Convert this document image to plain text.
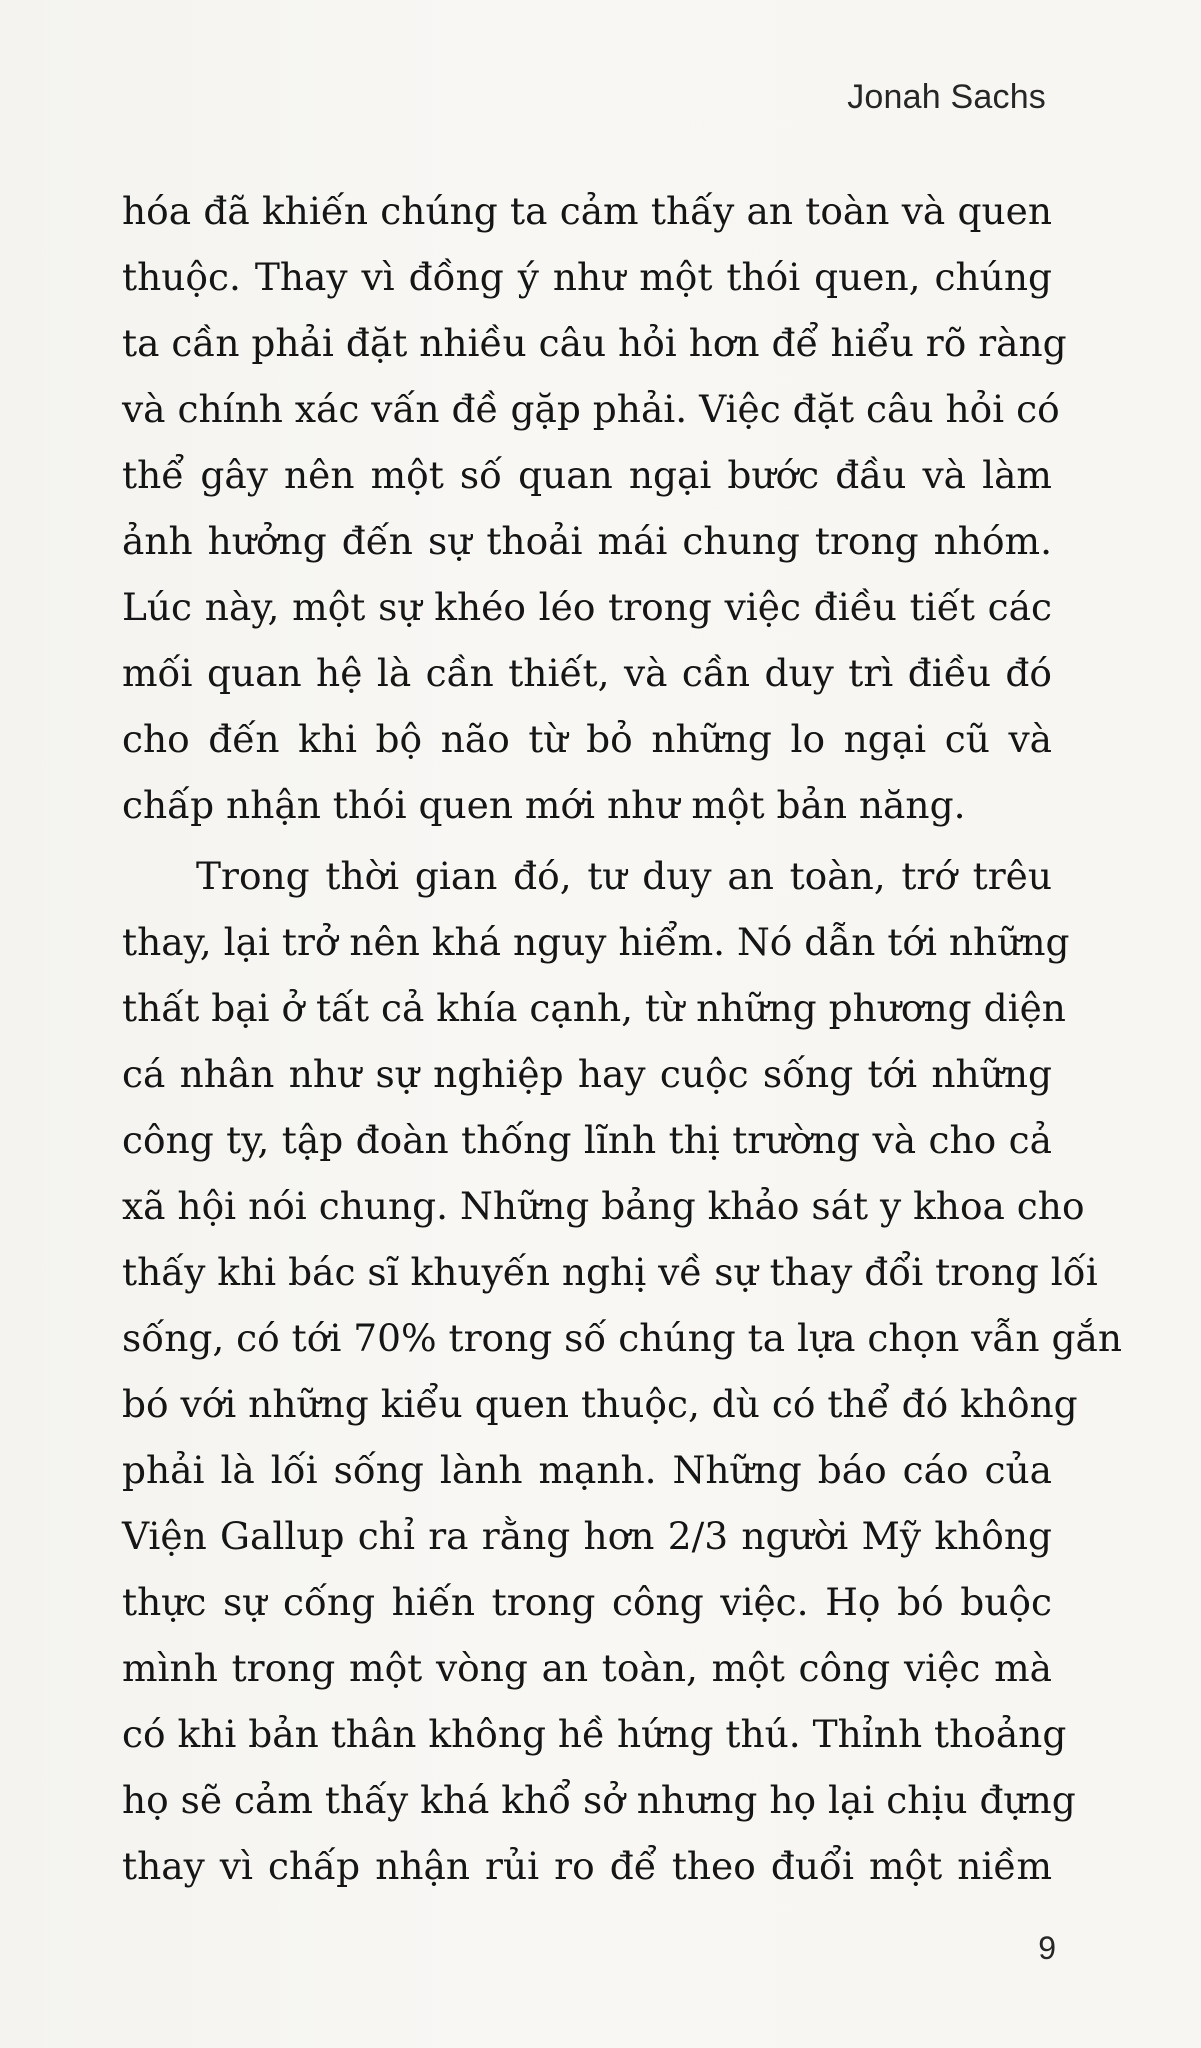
Jonah Sachs
hóa đã khiến chúng ta cảm thấy an toàn và quen
thuộc. Thay vì đồng ý như một thói quen, chúng
ta cần phải đặt nhiều câu hỏi hơn để hiểu rõ ràng
và chính xác vấn đề gặp phải. Việc đặt câu hỏi có
thể gây nên một số quan ngại bước đầu và làm
ảnh hưởng đến sự thoải mái chung trong nhóm.
Lúc này, một sự khéo léo trong việc điều tiết các
mối quan hệ là cần thiết, và cần duy trì điều đó
cho đến khi bộ não từ bỏ những lo ngại cũ và
chấp nhận thói quen mới như một bản năng.
Trong thời gian đó, tư duy an toàn, trớ trêu
thay, lại trở nên khá nguy hiểm. Nó dẫn tới những
thất bại ở tất cả khía cạnh, từ những phương diện
cá nhân như sự nghiệp hay cuộc sống tới những
công ty, tập đoàn thống lĩnh thị trường và cho cả
xã hội nói chung. Những bảng khảo sát y khoa cho
thấy khi bác sĩ khuyến nghị về sự thay đổi trong lối
sống, có tới 70% trong số chúng ta lựa chọn vẫn gắn
bó với những kiểu quen thuộc, dù có thể đó không
phải là lối sống lành mạnh. Những báo cáo của
Viện Gallup chỉ ra rằng hơn 2/3 người Mỹ không
thực sự cống hiến trong công việc. Họ bó buộc
mình trong một vòng an toàn, một công việc mà
có khi bản thân không hề hứng thú. Thỉnh thoảng
họ sẽ cảm thấy khá khổ sở nhưng họ lại chịu đựng
thay vì chấp nhận rủi ro để theo đuổi một niềm
9
